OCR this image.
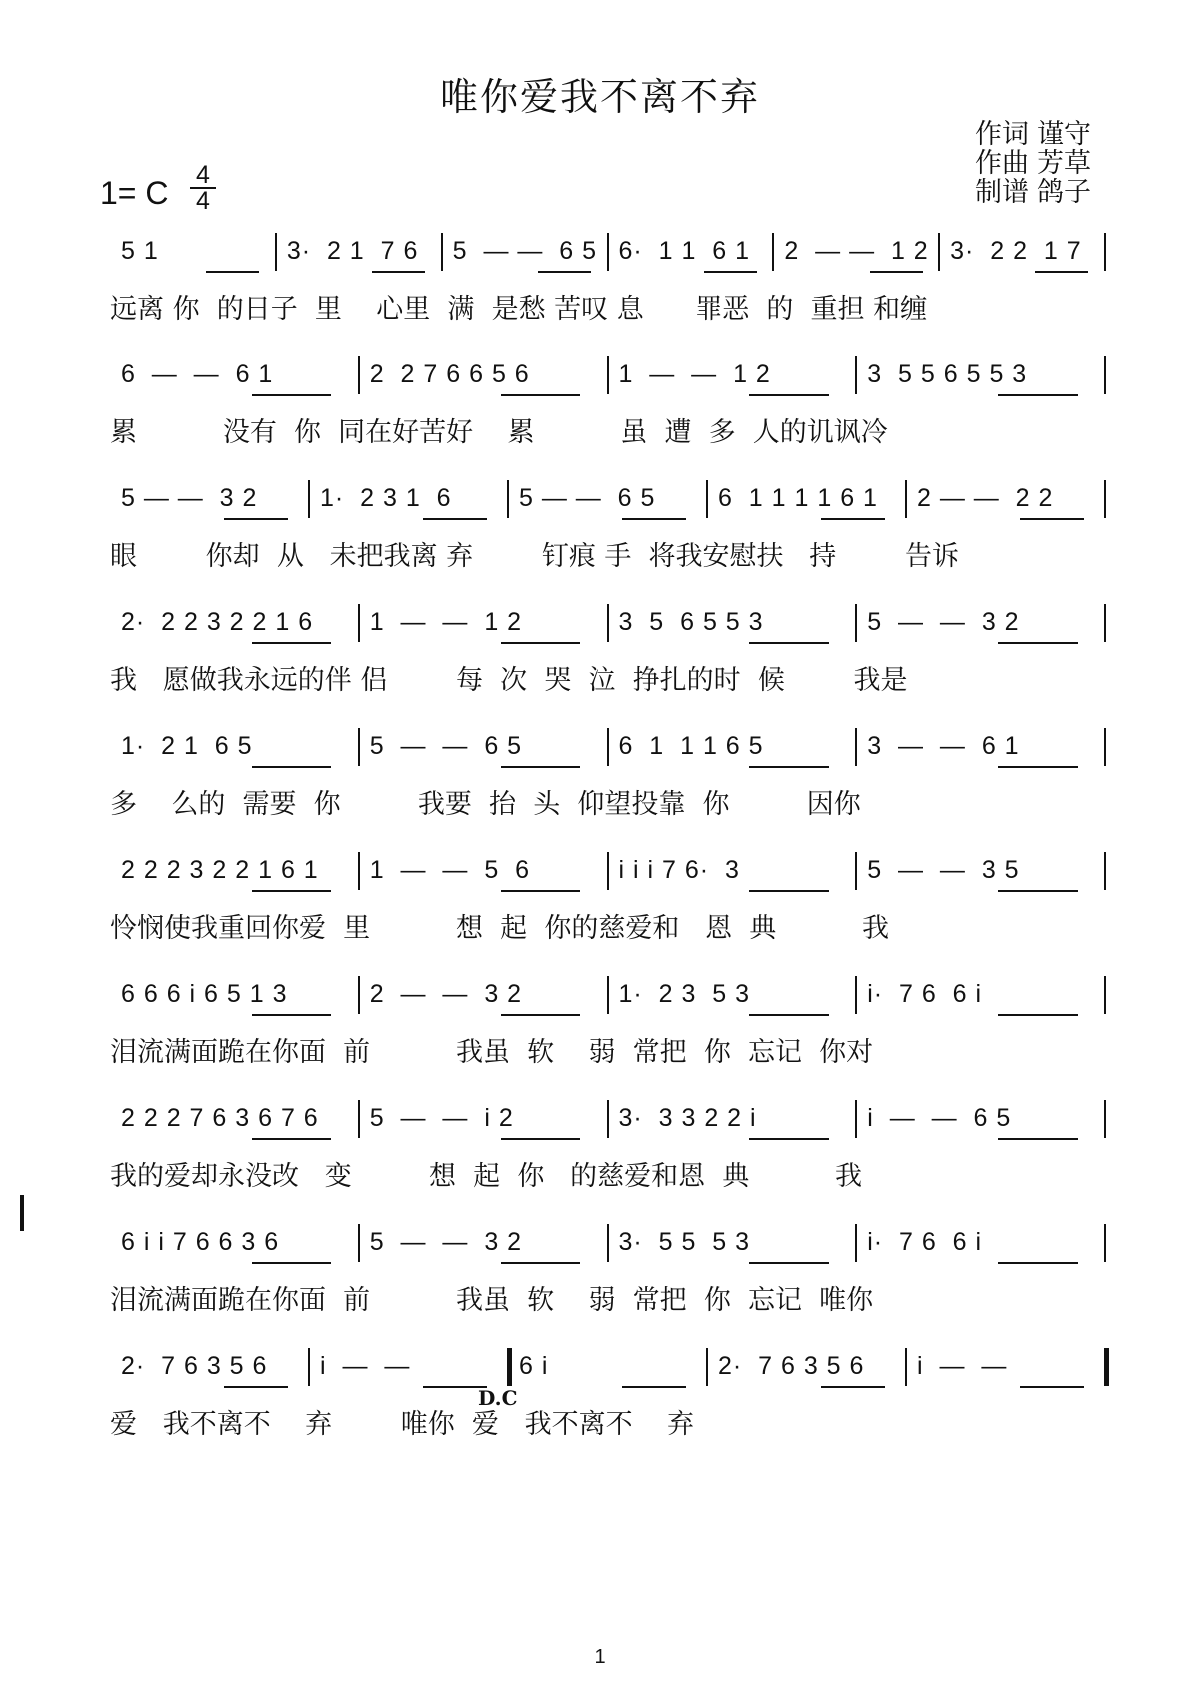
唯你爱我不离不弃
作词 谨守
作曲 芳草
制谱 鸽子
1= C 4
4
5 1	3·  2 1  7 6 5  — —  6 5 6·  1 1  6 1 2  — —  1 2 3·  2 2  1 7
远离 你  的日子  里    心里  满  是愁 苦叹 息      罪恶  的  重担 和缠
6  —  —  6 1	2  2 7 6 6 5 6	1  —  —  1 2	3  5 5 6 5 5 3
累          没有  你  同在好苦好    累          虽  遭  多  人的讥讽冷
5 — —  3 2	1·  2 3 1  6	5 — —  6 5	6  1 1 1 1 6 1 2 — —  2 2
眼        你却  从   未把我离 弃        钉痕 手  将我安慰扶   持        告诉
2·  2 2 3 2 2 1 6 1  —  —  1 2	3  5  6 5 5 3	5  —  —  3 2
我   愿做我永远的伴 侣        每  次  哭  泣  挣扎的时  候        我是
1·  2 1  6 5	5  —  —  6 5	6  1  1 1 6 5	3  —  —  6 1
多    么的  需要  你         我要  抬  头  仰望投靠  你         因你
2 2 2 3 2 2 1 6 1 1  —  —  5  6	i i i 7 6·  3	5  —  —  3 5
怜悯使我重回你爱  里          想  起  你的慈爱和   恩  典          我
6 6 6 i 6 5 1 3	2  —  —  3 2	1·  2 3  5 3	i·  7 6  6 i
泪流满面跪在你面  前          我虽  软    弱  常把  你  忘记  你对
2 2 2 7 6 3 6 7 6 5  —  —  i 2	3·  3 3 2 2 i	i  —  —  6 5
我的爱却永没改   变         想  起  你   的慈爱和恩  典          我
6 i i 7 6 6 3 6	5  —  —  3 2	3·  5 5  5 3	i·  7 6  6 i
泪流满面跪在你面  前          我虽  软    弱  常把  你  忘记  唯你
2·  7 6 3 5 6 i  —  —	6 i	2·  7 6 3 5 6 i  —  —
爱   我不离不    弃        唯你  爱   我不离不    弃
D.C
1
